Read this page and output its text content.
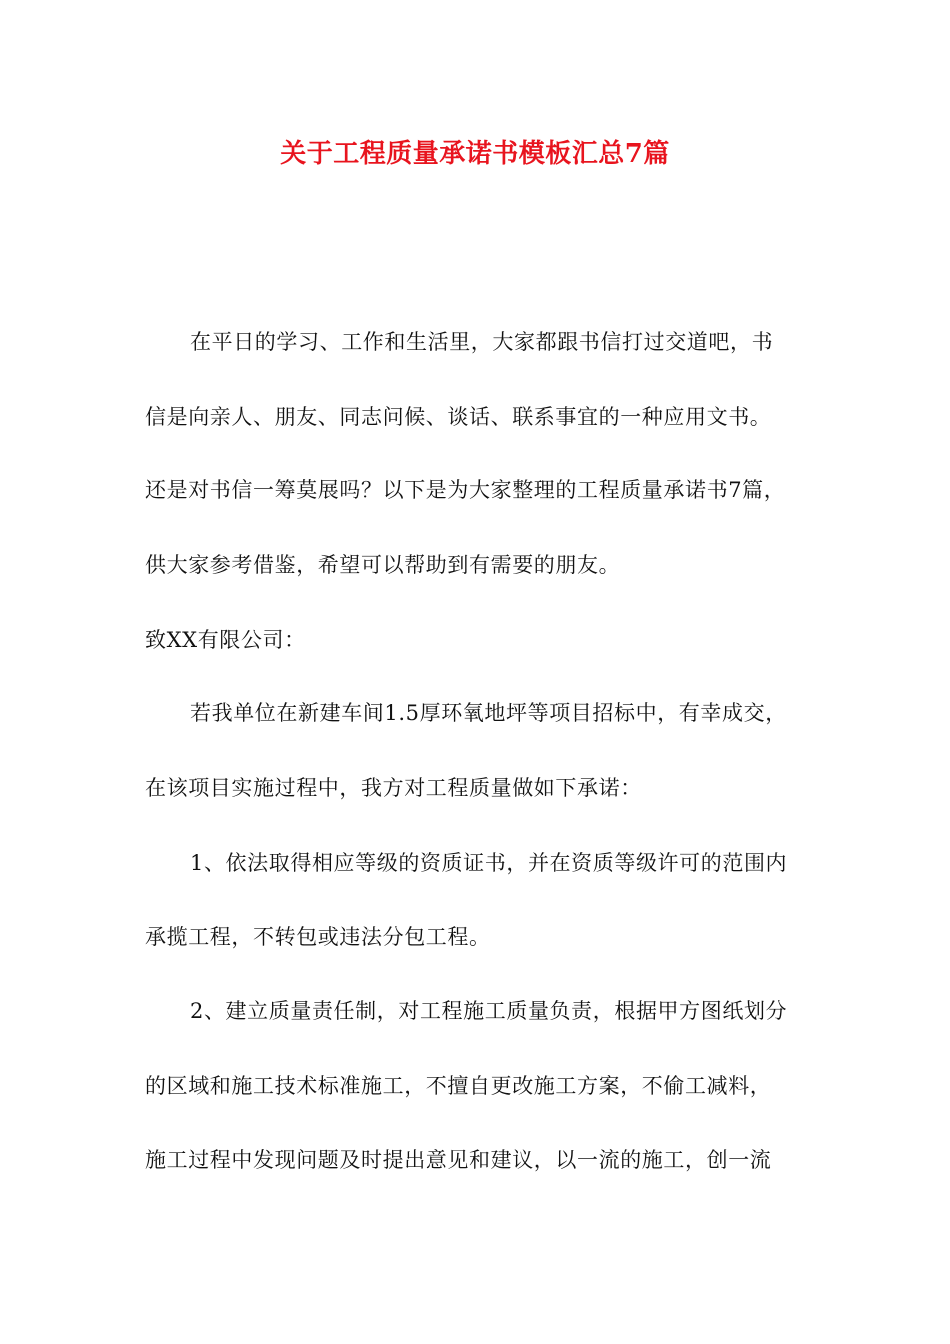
关于工程质量承诺书模板汇总7篇

在平日的学习、工作和生活里，大家都跟书信打过交道吧，书

信是向亲人、朋友、同志问候、谈话、联系事宜的一种应用文书。

还是对书信一筹莫展吗？以下是为大家整理的工程质量承诺书7篇，

供大家参考借鉴，希望可以帮助到有需要的朋友。

致XX有限公司：

若我单位在新建车间1.5厚环氧地坪等项目招标中，有幸成交，

在该项目实施过程中，我方对工程质量做如下承诺：

1、依法取得相应等级的资质证书，并在资质等级许可的范围内

承揽工程，不转包或违法分包工程。

2、建立质量责任制，对工程施工质量负责，根据甲方图纸划分

的区域和施工技术标准施工，不擅自更改施工方案，不偷工减料，

施工过程中发现问题及时提出意见和建议，以一流的施工，创一流
